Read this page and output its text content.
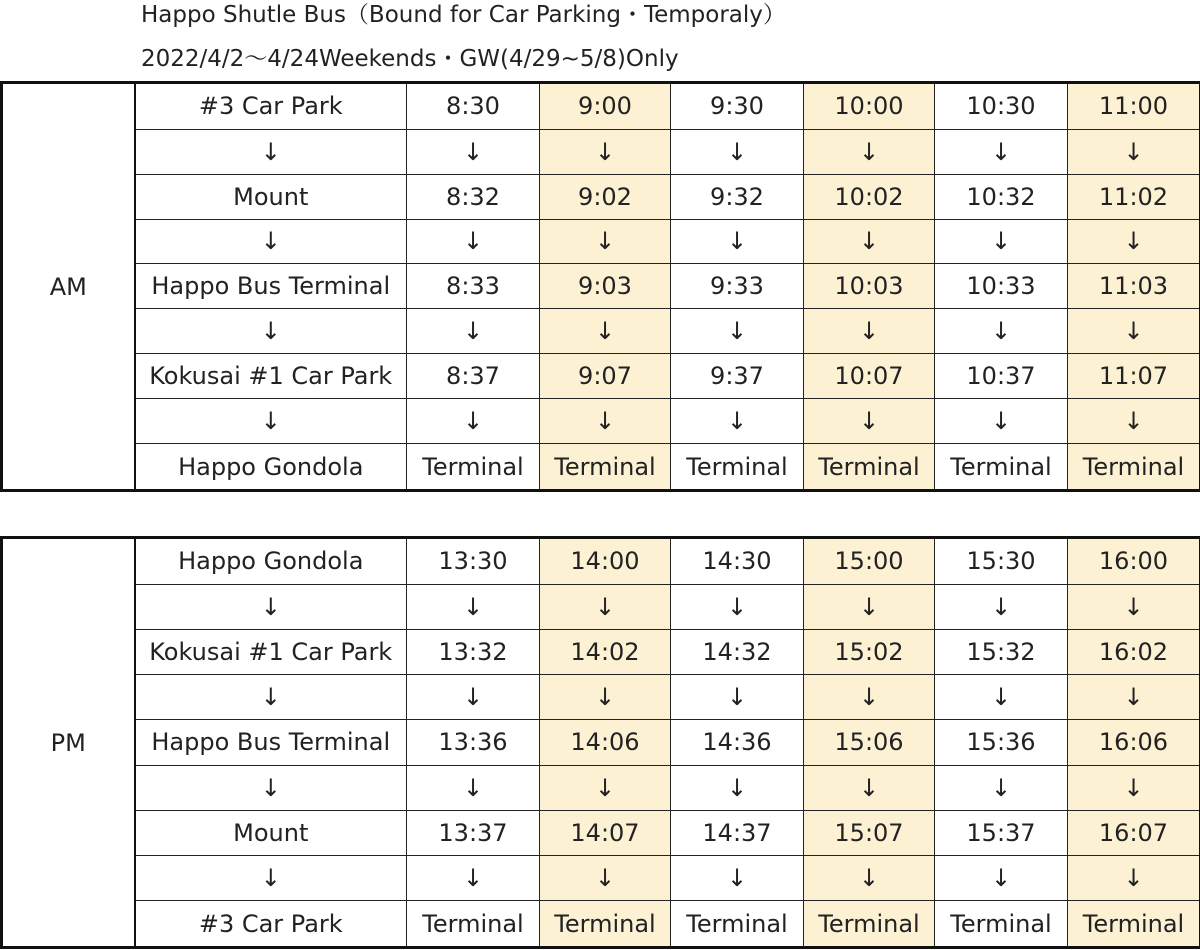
Happo Shutle Bus（Bound for Car Parking・Temporaly）
2022/4/2～4/24Weekends・GW(4/29~5/8)Only
AM	#3 Car Park	8:30	9:00	9:30	10:00	10:30	11:00
	↓	↓	↓	↓	↓	↓	↓
	Mount	8:32	9:02	9:32	10:02	10:32	11:02
	↓	↓	↓	↓	↓	↓	↓
	Happo Bus Terminal	8:33	9:03	9:33	10:03	10:33	11:03
	↓	↓	↓	↓	↓	↓	↓
	Kokusai #1 Car Park	8:37	9:07	9:37	10:07	10:37	11:07
	↓	↓	↓	↓	↓	↓	↓
	Happo Gondola	Terminal	Terminal	Terminal	Terminal	Terminal	Terminal
PM	Happo Gondola	13:30	14:00	14:30	15:00	15:30	16:00
	↓	↓	↓	↓	↓	↓	↓
	Kokusai #1 Car Park	13:32	14:02	14:32	15:02	15:32	16:02
	↓	↓	↓	↓	↓	↓	↓
	Happo Bus Terminal	13:36	14:06	14:36	15:06	15:36	16:06
	↓	↓	↓	↓	↓	↓	↓
	Mount	13:37	14:07	14:37	15:07	15:37	16:07
	↓	↓	↓	↓	↓	↓	↓
	#3 Car Park	Terminal	Terminal	Terminal	Terminal	Terminal	Terminal
